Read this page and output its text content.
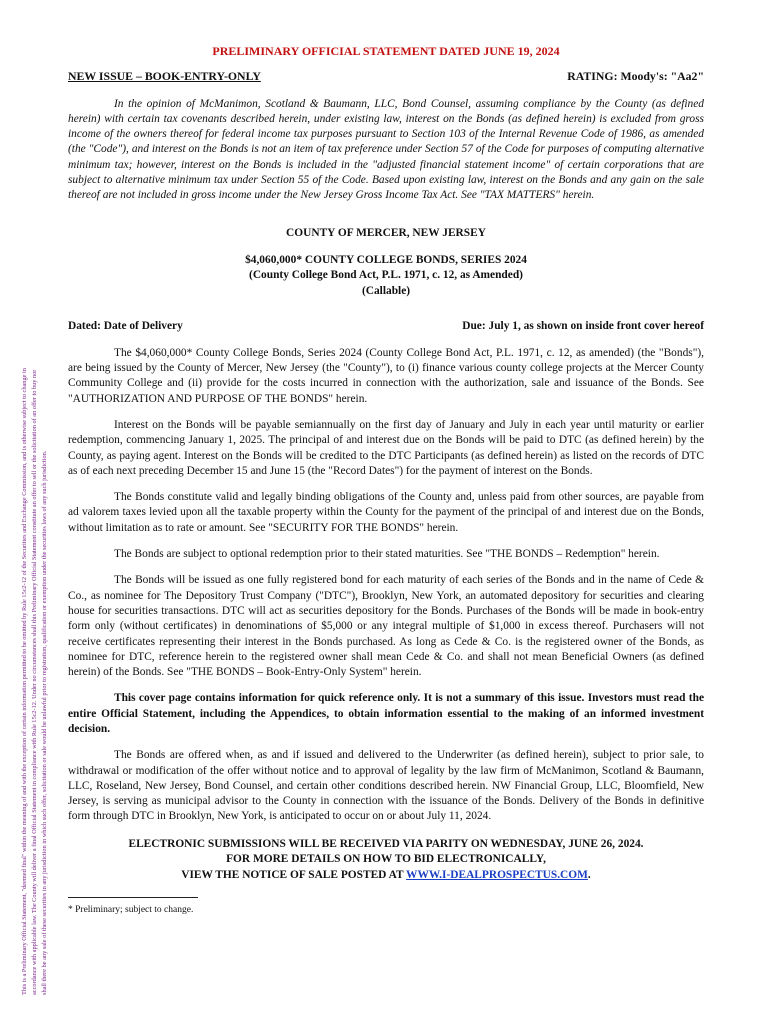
This is a Preliminary Official Statement, "deemed final" within the meaning of and with the exception of certain information permitted to be omitted by Rule 15c2-12 of the Securities and Exchange Commission, and is otherwise subject to change in accordance with applicable law. The County will deliver a final Official Statement in compliance with Rule 15c2-12. Under no circumstances shall this Preliminary Official Statement constitute an offer to sell or the solicitation of an offer to buy nor shall there be any sale of these securities in any jurisdiction in which such offer, solicitation or sale would be unlawful prior to registration, qualification or exemption under the securities laws of any such jurisdiction.
PRELIMINARY OFFICIAL STATEMENT DATED JUNE 19, 2024
NEW ISSUE – BOOK-ENTRY-ONLY	RATING: Moody's: "Aa2"

In the opinion of McManimon, Scotland & Baumann, LLC, Bond Counsel, assuming compliance by the County (as defined herein) with certain tax covenants described herein, under existing law, interest on the Bonds (as defined herein) is excluded from gross income of the owners thereof for federal income tax purposes pursuant to Section 103 of the Internal Revenue Code of 1986, as amended (the "Code"), and interest on the Bonds is not an item of tax preference under Section 57 of the Code for purposes of computing alternative minimum tax; however, interest on the Bonds is included in the "adjusted financial statement income" of certain corporations that are subject to alternative minimum tax under Section 55 of the Code. Based upon existing law, interest on the Bonds and any gain on the sale thereof are not included in gross income under the New Jersey Gross Income Tax Act. See "TAX MATTERS" herein.

COUNTY OF MERCER, NEW JERSEY
$4,060,000* COUNTY COLLEGE BONDS, SERIES 2024
(County College Bond Act, P.L. 1971, c. 12, as Amended)
(Callable)
Dated: Date of Delivery	Due: July 1, as shown on inside front cover hereof

The $4,060,000* County College Bonds, Series 2024 (County College Bond Act, P.L. 1971, c. 12, as amended) (the "Bonds"), are being issued by the County of Mercer, New Jersey (the "County"), to (i) finance various county college projects at the Mercer County Community College and (ii) provide for the costs incurred in connection with the authorization, sale and issuance of the Bonds. See "AUTHORIZATION AND PURPOSE OF THE BONDS" herein.

Interest on the Bonds will be payable semiannually on the first day of January and July in each year until maturity or earlier redemption, commencing January 1, 2025. The principal of and interest due on the Bonds will be paid to DTC (as defined herein) by the County, as paying agent. Interest on the Bonds will be credited to the DTC Participants (as defined herein) as listed on the records of DTC as of each next preceding December 15 and June 15 (the "Record Dates") for the payment of interest on the Bonds.

The Bonds constitute valid and legally binding obligations of the County and, unless paid from other sources, are payable from ad valorem taxes levied upon all the taxable property within the County for the payment of the principal of and interest due on the Bonds, without limitation as to rate or amount. See "SECURITY FOR THE BONDS" herein.

The Bonds are subject to optional redemption prior to their stated maturities. See "THE BONDS – Redemption" herein.

The Bonds will be issued as one fully registered bond for each maturity of each series of the Bonds and in the name of Cede & Co., as nominee for The Depository Trust Company ("DTC"), Brooklyn, New York, an automated depository for securities and clearing house for securities transactions. DTC will act as securities depository for the Bonds. Purchases of the Bonds will be made in book-entry form only (without certificates) in denominations of $5,000 or any integral multiple of $1,000 in excess thereof. Purchasers will not receive certificates representing their interest in the Bonds purchased. As long as Cede & Co. is the registered owner of the Bonds, as nominee for DTC, reference herein to the registered owner shall mean Cede & Co. and shall not mean Beneficial Owners (as defined herein) of the Bonds. See "THE BONDS – Book-Entry-Only System" herein.

This cover page contains information for quick reference only. It is not a summary of this issue. Investors must read the entire Official Statement, including the Appendices, to obtain information essential to the making of an informed investment decision.

The Bonds are offered when, as and if issued and delivered to the Underwriter (as defined herein), subject to prior sale, to withdrawal or modification of the offer without notice and to approval of legality by the law firm of McManimon, Scotland & Baumann, LLC, Roseland, New Jersey, Bond Counsel, and certain other conditions described herein. NW Financial Group, LLC, Bloomfield, New Jersey, is serving as municipal advisor to the County in connection with the issuance of the Bonds. Delivery of the Bonds in definitive form through DTC in Brooklyn, New York, is anticipated to occur on or about July 11, 2024.

ELECTRONIC SUBMISSIONS WILL BE RECEIVED VIA PARITY ON WEDNESDAY, JUNE 26, 2024.
FOR MORE DETAILS ON HOW TO BID ELECTRONICALLY,
VIEW THE NOTICE OF SALE POSTED AT WWW.I-DEALPROSPECTUS.COM.
* Preliminary; subject to change.
